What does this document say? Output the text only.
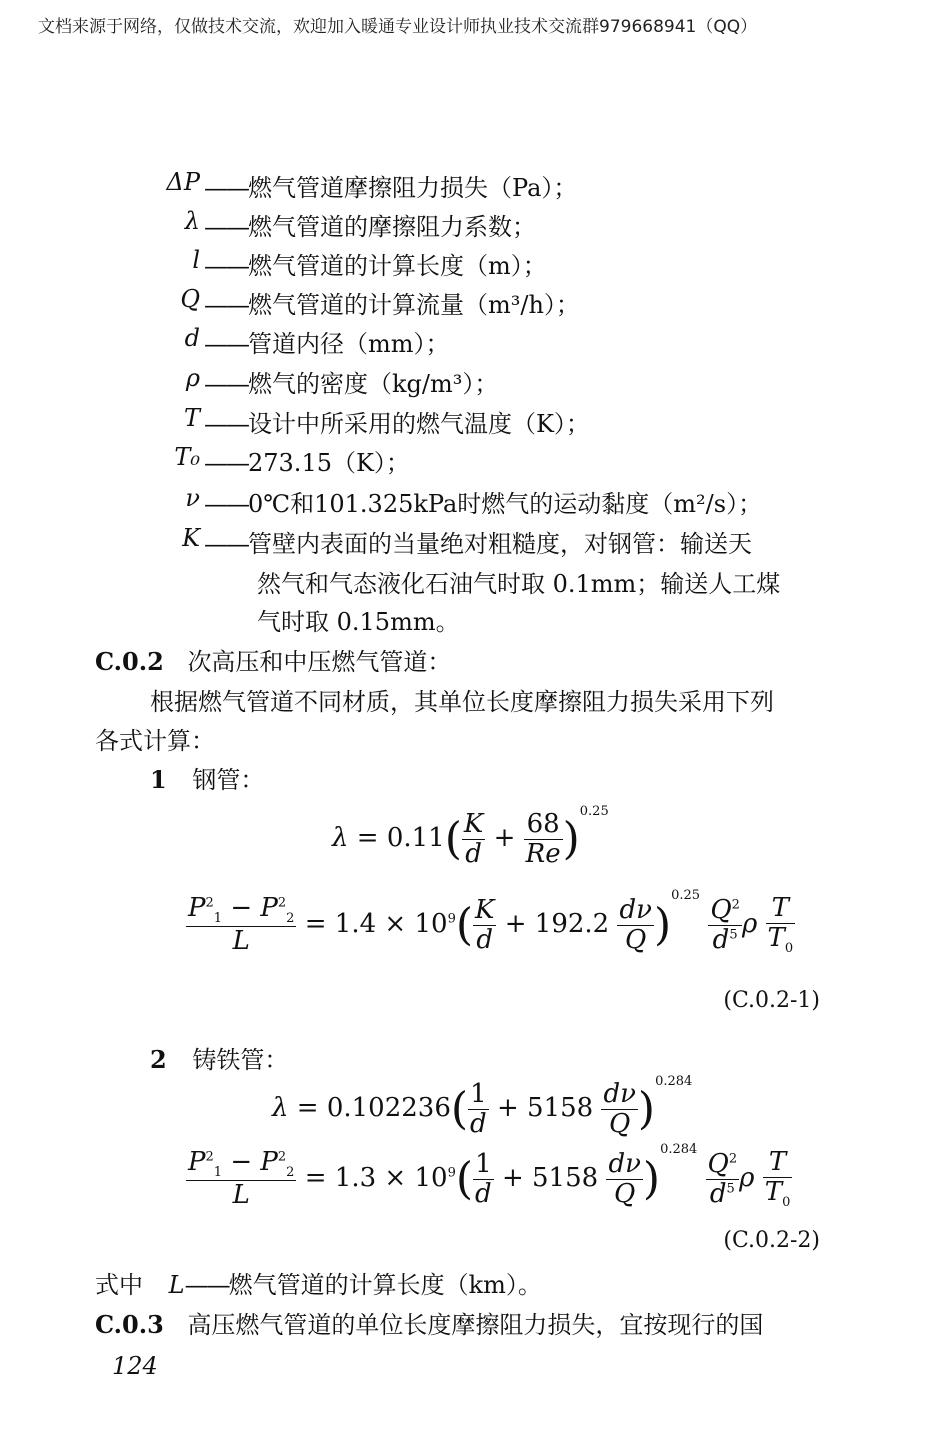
文档来源于网络，仅做技术交流，欢迎加入暖通专业设计师执业技术交流群979668941（QQ）
ΔP ——燃气管道摩擦阻力损失（Pa）；
λ ——燃气管道的摩擦阻力系数；
l ——燃气管道的计算长度（m）；
Q ——燃气管道的计算流量（m³/h）；
d ——管道内径（mm）；
ρ ——燃气的密度（kg/m³）；
T ——设计中所采用的燃气温度（K）；
T₀ ——273.15（K）；
ν ——0℃和101.325kPa时燃气的运动黏度（m²/s）；
K ——管壁内表面的当量绝对粗糙度，对钢管：输送天
然气和气态液化石油气时取 0.1mm；输送人工煤
气时取 0.15mm。
C.0.2 次高压和中压燃气管道：
根据燃气管道不同材质，其单位长度摩擦阻力损失采用下列
各式计算：
1 钢管：
$\lambda = 0.11( \frac{K}{d} + \frac{68}{Re} )^{0.25}$
$\frac{P^2_1 - P^2_2}{L} = 1.4 \times 10^9( \frac{K}{d} + 192.2 \frac{d\nu}{Q} )^{0.25}$
$\frac{Q^2}{d^5}$ ρ $\frac{T}{T_0}$
(C.0.2-1)
2 铸铁管：
$\lambda = 0.102236( \frac{1}{d} + 5158 \frac{d\nu}{Q} )^{0.284}$
$\frac{P^2_1 - P^2_2}{L} = 1.3 \times 10^9( \frac{1}{d} + 5158 \frac{d\nu}{Q} )^{0.284}$
$\frac{Q^2}{d^5}$ ρ $\frac{T}{T_0}$
(C.0.2-2)
式中 L——燃气管道的计算长度（km）。
C.0.3 高压燃气管道的单位长度摩擦阻力损失，宜按现行的国
124
